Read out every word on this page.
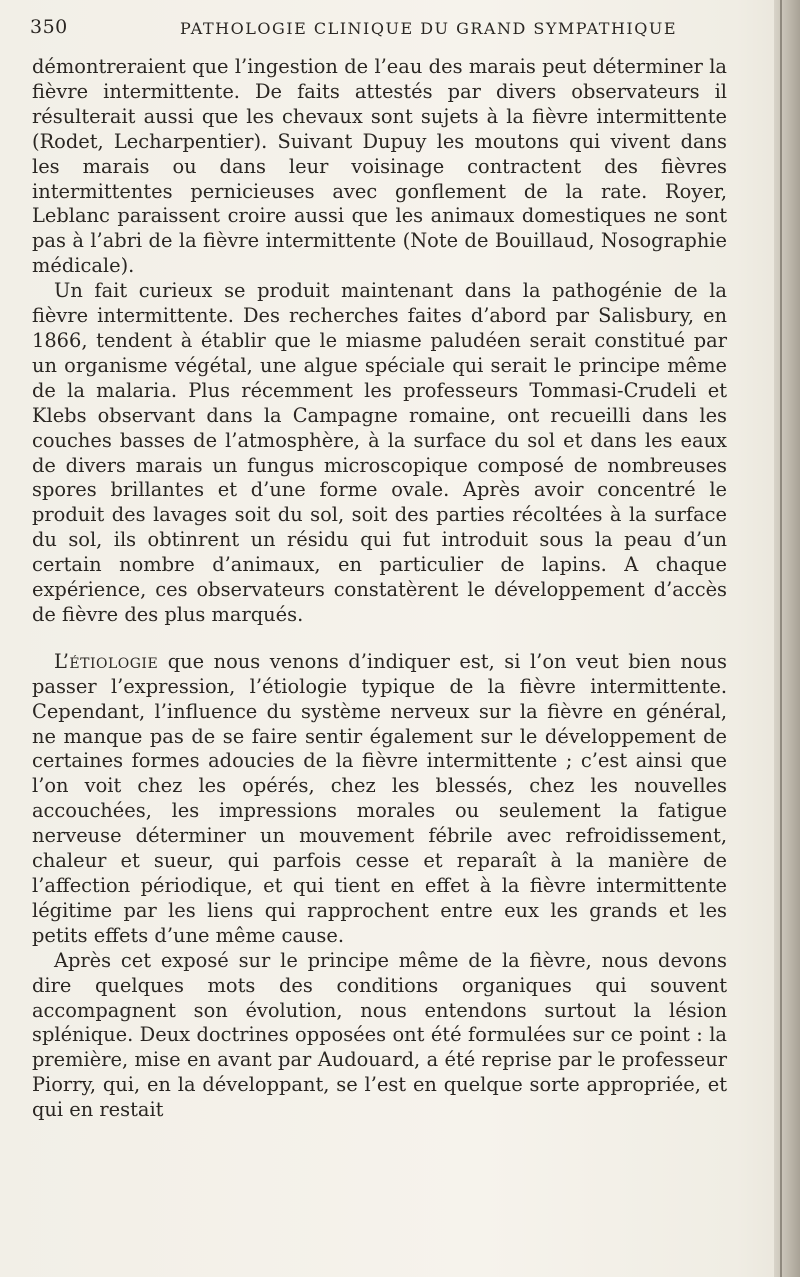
350	PATHOLOGIE CLINIQUE DU GRAND SYMPATHIQUE

démontreraient que l’ingestion de l’eau des marais peut déterminer la fièvre intermittente. De faits attestés par divers observateurs il résulterait aussi que les chevaux sont sujets à la fièvre intermittente (Rodet, Lecharpentier). Suivant Dupuy les moutons qui vivent dans les marais ou dans leur voisinage contractent des fièvres intermittentes pernicieuses avec gonflement de la rate. Royer, Leblanc paraissent croire aussi que les animaux domestiques ne sont pas à l’abri de la fièvre intermittente (Note de Bouillaud, Nosographie médicale).

Un fait curieux se produit maintenant dans la pathogénie de la fièvre intermittente. Des recherches faites d’abord par Salisbury, en 1866, tendent à établir que le miasme paludéen serait constitué par un organisme végétal, une algue spéciale qui serait le principe même de la malaria. Plus récemment les professeurs Tommasi-Crudeli et Klebs observant dans la Campagne romaine, ont recueilli dans les couches basses de l’atmosphère, à la surface du sol et dans les eaux de divers marais un fungus microscopique composé de nombreuses spores brillantes et d’une forme ovale. Après avoir concentré le produit des lavages soit du sol, soit des parties récoltées à la surface du sol, ils obtinrent un résidu qui fut introduit sous la peau d’un certain nombre d’animaux, en particulier de lapins. A chaque expérience, ces observateurs constatèrent le développement d’accès de fièvre des plus marqués.

L’étiologie que nous venons d’indiquer est, si l’on veut bien nous passer l’expression, l’étiologie typique de la fièvre intermittente. Cependant, l’influence du système nerveux sur la fièvre en général, ne manque pas de se faire sentir également sur le développement de certaines formes adoucies de la fièvre intermittente ; c’est ainsi que l’on voit chez les opérés, chez les blessés, chez les nouvelles accouchées, les impressions morales ou seulement la fatigue nerveuse déterminer un mouvement fébrile avec refroidissement, chaleur et sueur, qui parfois cesse et reparaît à la manière de l’affection périodique, et qui tient en effet à la fièvre intermittente légitime par les liens qui rapprochent entre eux les grands et les petits effets d’une même cause.

Après cet exposé sur le principe même de la fièvre, nous devons dire quelques mots des conditions organiques qui souvent accompagnent son évolution, nous entendons surtout la lésion splénique. Deux doctrines opposées ont été formulées sur ce point : la première, mise en avant par Audouard, a été reprise par le professeur Piorry, qui, en la développant, se l’est en quelque sorte appropriée, et qui en restait
